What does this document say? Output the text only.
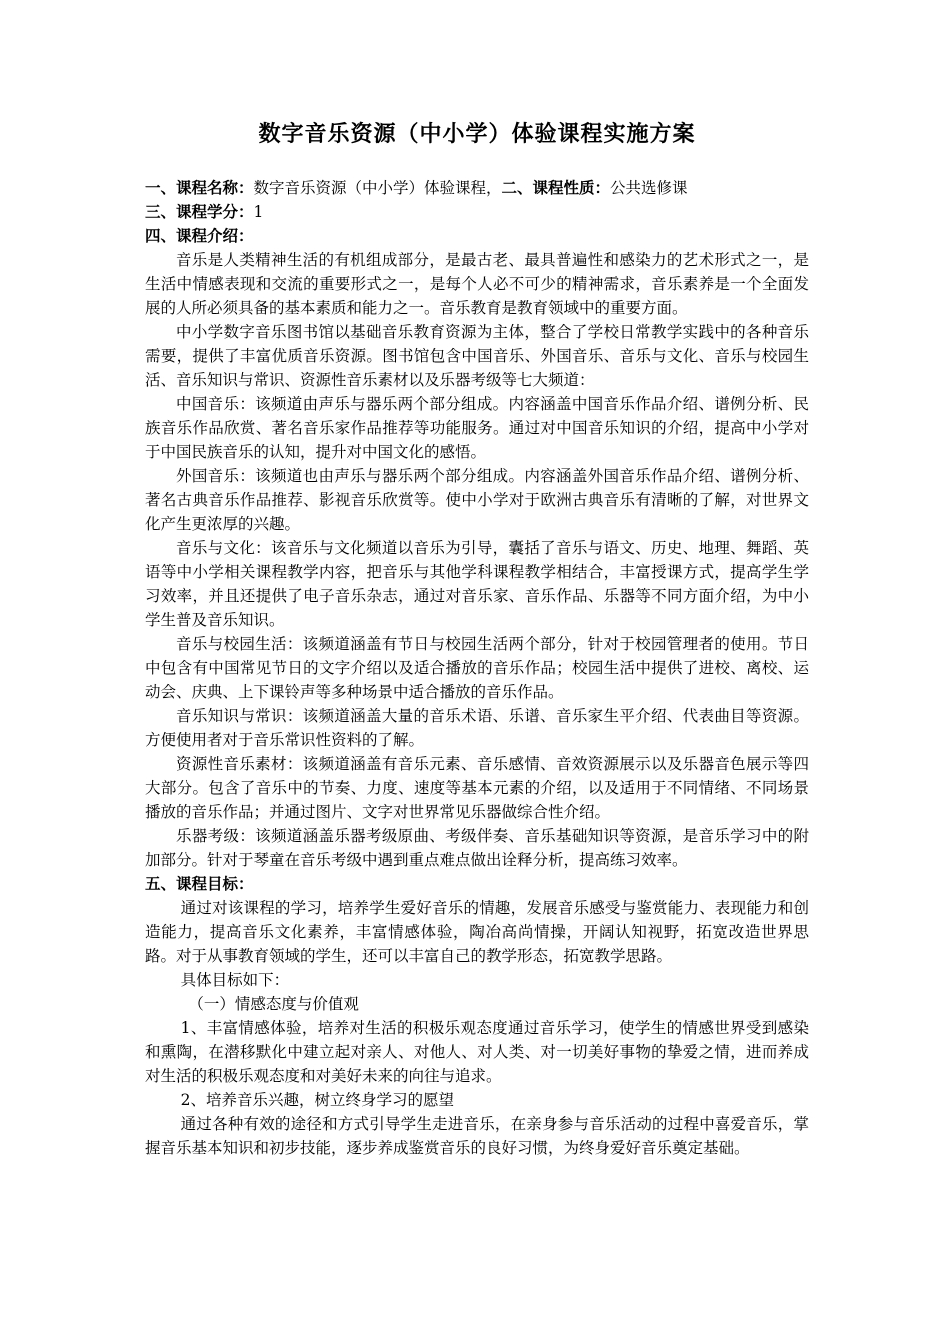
数字音乐资源（中小学）体验课程实施方案

一、课程名称：数字音乐资源（中小学）体验课程，二、课程性质：公共选修课

三、课程学分：1

四、课程介绍：

音乐是人类精神生活的有机组成部分，是最古老、最具普遍性和感染力的艺术形式之一，是生活中情感表现和交流的重要形式之一，是每个人必不可少的精神需求，音乐素养是一个全面发展的人所必须具备的基本素质和能力之一。音乐教育是教育领域中的重要方面。

中小学数字音乐图书馆以基础音乐教育资源为主体，整合了学校日常教学实践中的各种音乐需要，提供了丰富优质音乐资源。图书馆包含中国音乐、外国音乐、音乐与文化、音乐与校园生活、音乐知识与常识、资源性音乐素材以及乐器考级等七大频道：

中国音乐：该频道由声乐与器乐两个部分组成。内容涵盖中国音乐作品介绍、谱例分析、民族音乐作品欣赏、著名音乐家作品推荐等功能服务。通过对中国音乐知识的介绍，提高中小学对于中国民族音乐的认知，提升对中国文化的感悟。

外国音乐：该频道也由声乐与器乐两个部分组成。内容涵盖外国音乐作品介绍、谱例分析、著名古典音乐作品推荐、影视音乐欣赏等。使中小学对于欧洲古典音乐有清晰的了解，对世界文化产生更浓厚的兴趣。

音乐与文化：该音乐与文化频道以音乐为引导，囊括了音乐与语文、历史、地理、舞蹈、英语等中小学相关课程教学内容，把音乐与其他学科课程教学相结合，丰富授课方式，提高学生学习效率，并且还提供了电子音乐杂志，通过对音乐家、音乐作品、乐器等不同方面介绍，为中小学生普及音乐知识。

音乐与校园生活：该频道涵盖有节日与校园生活两个部分，针对于校园管理者的使用。节日中包含有中国常见节日的文字介绍以及适合播放的音乐作品；校园生活中提供了进校、离校、运动会、庆典、上下课铃声等多种场景中适合播放的音乐作品。

音乐知识与常识：该频道涵盖大量的音乐术语、乐谱、音乐家生平介绍、代表曲目等资源。方便使用者对于音乐常识性资料的了解。

资源性音乐素材：该频道涵盖有音乐元素、音乐感情、音效资源展示以及乐器音色展示等四大部分。包含了音乐中的节奏、力度、速度等基本元素的介绍，以及适用于不同情绪、不同场景播放的音乐作品；并通过图片、文字对世界常见乐器做综合性介绍。

乐器考级：该频道涵盖乐器考级原曲、考级伴奏、音乐基础知识等资源，是音乐学习中的附加部分。针对于琴童在音乐考级中遇到重点难点做出诠释分析，提高练习效率。

五、课程目标：

通过对该课程的学习，培养学生爱好音乐的情趣，发展音乐感受与鉴赏能力、表现能力和创造能力，提高音乐文化素养，丰富情感体验，陶冶高尚情操，开阔认知视野，拓宽改造世界思路。对于从事教育领域的学生，还可以丰富自己的教学形态，拓宽教学思路。

具体目标如下：

（一）情感态度与价值观

1、丰富情感体验，培养对生活的积极乐观态度通过音乐学习，使学生的情感世界受到感染和熏陶，在潜移默化中建立起对亲人、对他人、对人类、对一切美好事物的挚爱之情，进而养成对生活的积极乐观态度和对美好未来的向往与追求。

2、培养音乐兴趣，树立终身学习的愿望

通过各种有效的途径和方式引导学生走进音乐，在亲身参与音乐活动的过程中喜爱音乐，掌握音乐基本知识和初步技能，逐步养成鉴赏音乐的良好习惯，为终身爱好音乐奠定基础。
